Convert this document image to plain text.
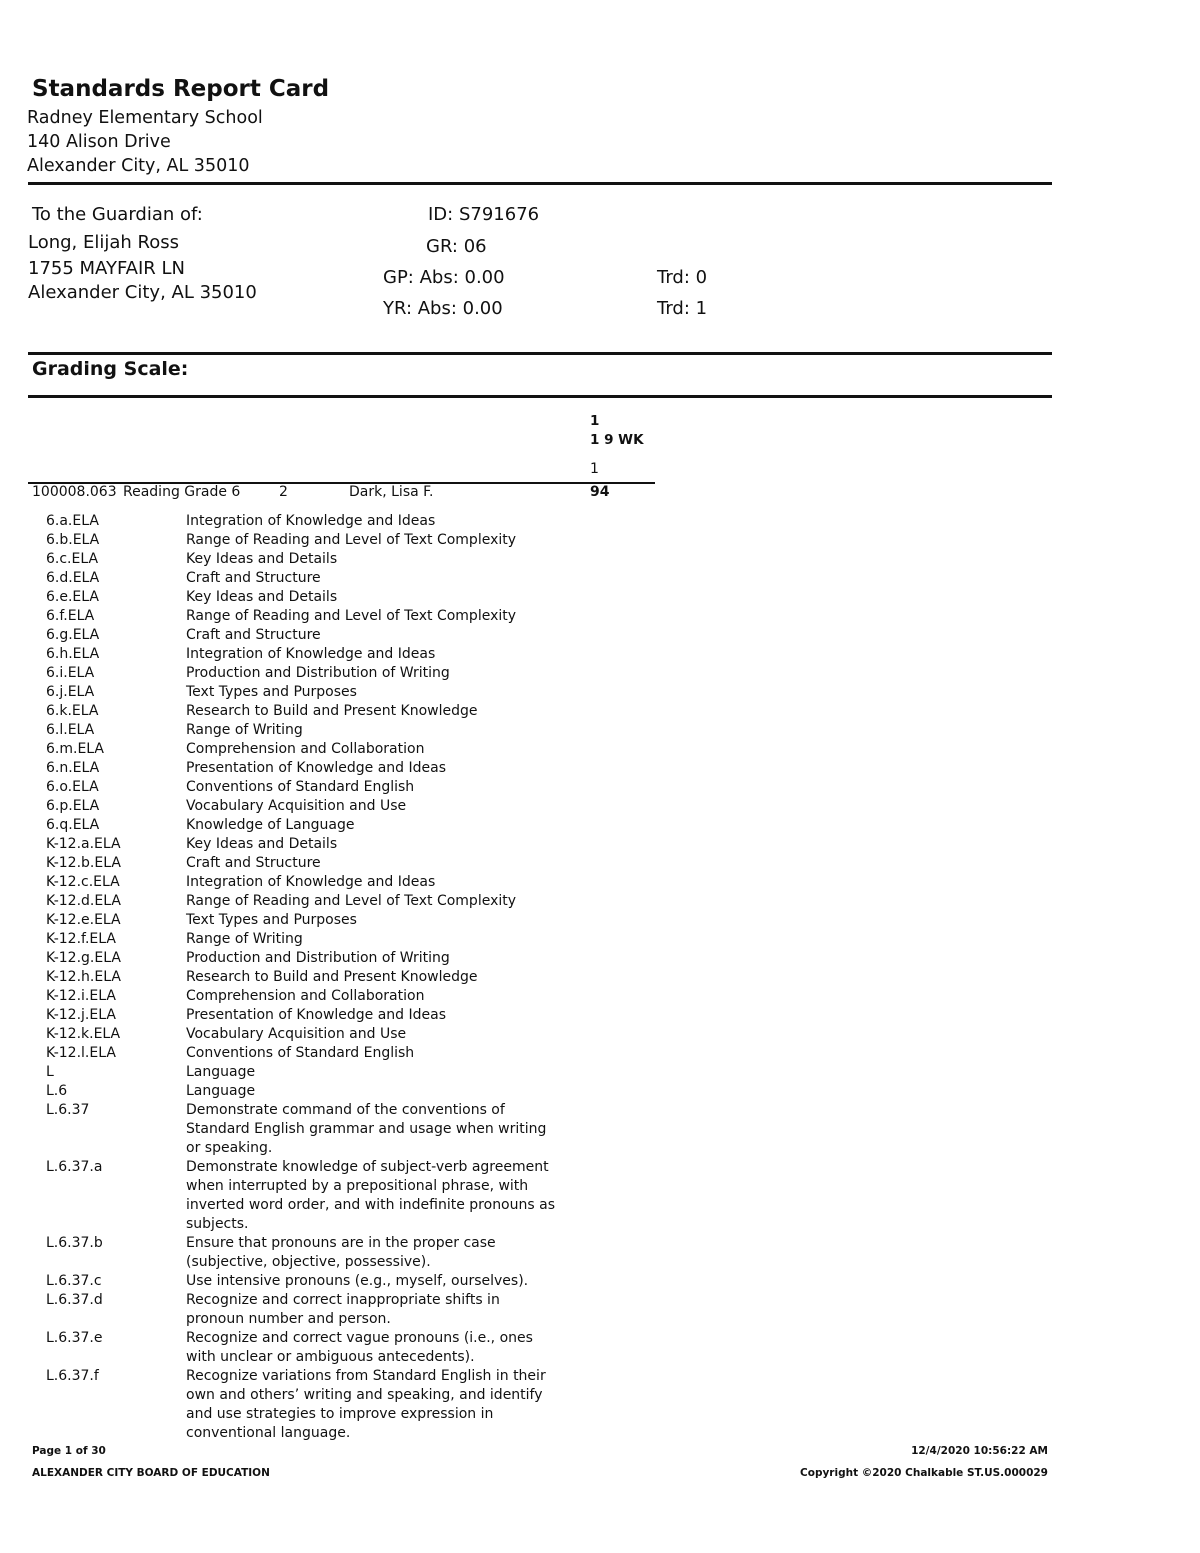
Standards Report Card
Radney Elementary School
140 Alison Drive
Alexander City, AL 35010
To the Guardian of:
Long, Elijah Ross
1755 MAYFAIR LN
Alexander City, AL 35010
ID: S791676
GR: 06
GP: Abs: 0.00	Trd: 0
YR: Abs: 0.00	Trd: 1
Grading Scale:
1
1 9 WK
1
100008.063 Reading Grade 6	2	Dark, Lisa F.	94
6.a.ELA	Integration of Knowledge and Ideas
6.b.ELA	Range of Reading and Level of Text Complexity
6.c.ELA	Key Ideas and Details
6.d.ELA	Craft and Structure
6.e.ELA	Key Ideas and Details
6.f.ELA	Range of Reading and Level of Text Complexity
6.g.ELA	Craft and Structure
6.h.ELA	Integration of Knowledge and Ideas
6.i.ELA	Production and Distribution of Writing
6.j.ELA	Text Types and Purposes
6.k.ELA	Research to Build and Present Knowledge
6.l.ELA	Range of Writing
6.m.ELA	Comprehension and Collaboration
6.n.ELA	Presentation of Knowledge and Ideas
6.o.ELA	Conventions of Standard English
6.p.ELA	Vocabulary Acquisition and Use
6.q.ELA	Knowledge of Language
K-12.a.ELA	Key Ideas and Details
K-12.b.ELA	Craft and Structure
K-12.c.ELA	Integration of Knowledge and Ideas
K-12.d.ELA	Range of Reading and Level of Text Complexity
K-12.e.ELA	Text Types and Purposes
K-12.f.ELA	Range of Writing
K-12.g.ELA	Production and Distribution of Writing
K-12.h.ELA	Research to Build and Present Knowledge
K-12.i.ELA	Comprehension and Collaboration
K-12.j.ELA	Presentation of Knowledge and Ideas
K-12.k.ELA	Vocabulary Acquisition and Use
K-12.l.ELA	Conventions of Standard English
L	Language
L.6	Language
L.6.37	Demonstrate command of the conventions of Standard English grammar and usage when writing or speaking.
L.6.37.a	Demonstrate knowledge of subject-verb agreement when interrupted by a prepositional phrase, with inverted word order, and with indefinite pronouns as subjects.
L.6.37.b	Ensure that pronouns are in the proper case (subjective, objective, possessive).
L.6.37.c	Use intensive pronouns (e.g., myself, ourselves).
L.6.37.d	Recognize and correct inappropriate shifts in pronoun number and person.
L.6.37.e	Recognize and correct vague pronouns (i.e., ones with unclear or ambiguous antecedents).
L.6.37.f	Recognize variations from Standard English in their own and others’ writing and speaking, and identify and use strategies to improve expression in conventional language.
Page 1 of 30
ALEXANDER CITY BOARD OF EDUCATION
12/4/2020 10:56:22 AM
Copyright ©2020 Chalkable ST.US.000029
